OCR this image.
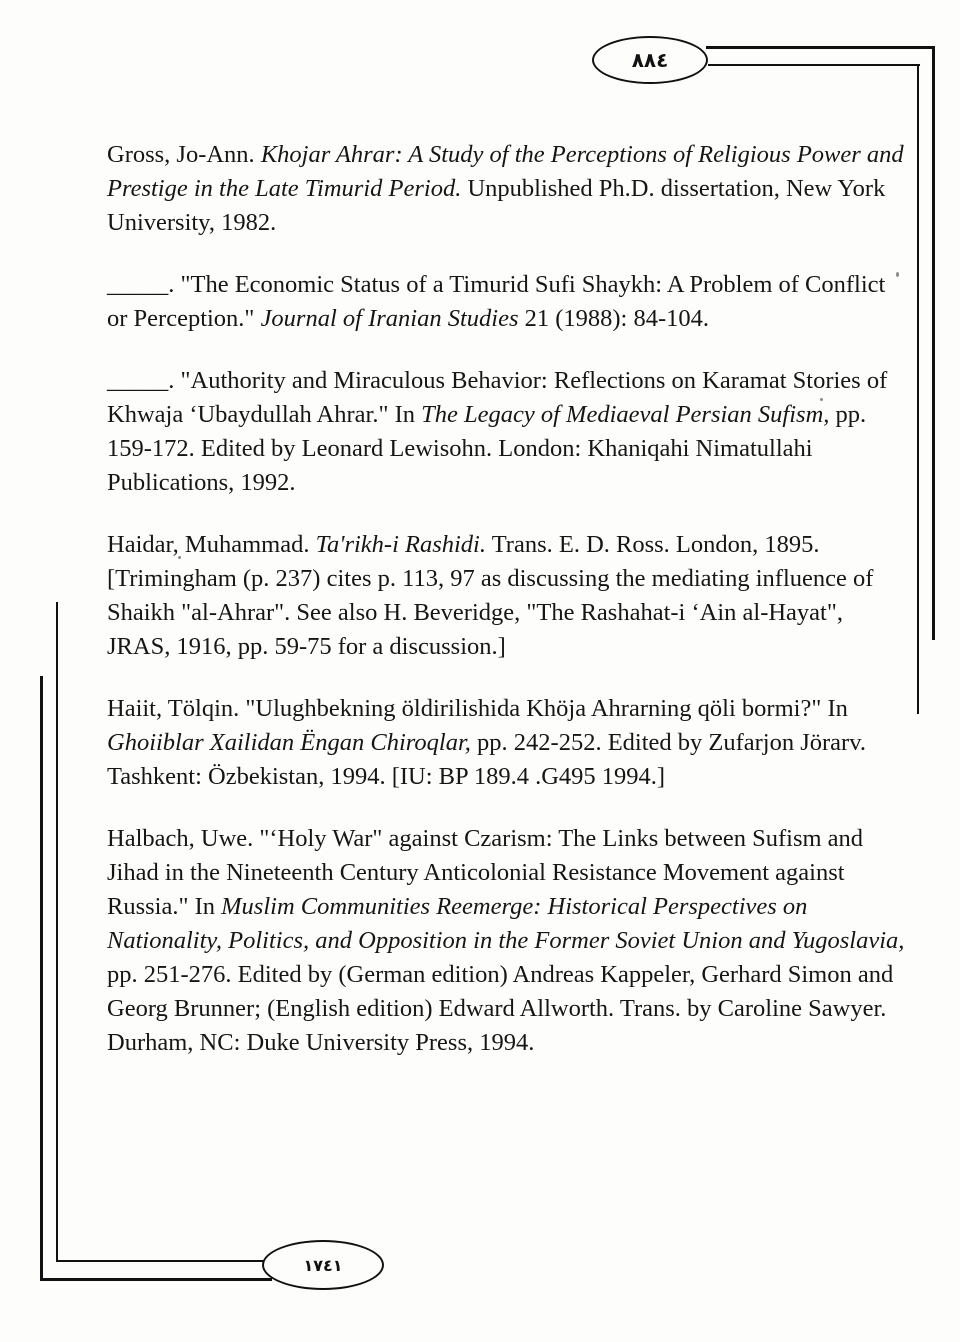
٨٨٤
١٧٤١

Gross, Jo-Ann. Khojar Ahrar: A Study of the Perceptions of Religious Power and Prestige in the Late Timurid Period. Unpublished Ph.D. dissertation, New York University, 1982.

_____. "The Economic Status of a Timurid Sufi Shaykh: A Problem of Conflict or Perception." Journal of Iranian Studies 21 (1988): 84-104.

_____. "Authority and Miraculous Behavior: Reflections on Karamat Stories of Khwaja ‘Ubaydullah Ahrar." In The Legacy of Mediaeval Persian Sufism, pp. 159-172. Edited by Leonard Lewisohn. London: Khaniqahi Nimatullahi Publications, 1992.

Haidar, Muhammad. Ta'rikh-i Rashidi. Trans. E. D. Ross. London, 1895. [Trimingham (p. 237) cites p. 113, 97 as discussing the mediating influence of Shaikh "al-Ahrar". See also H. Beveridge, "The Rashahat-i ‘Ain al-Hayat", JRAS, 1916, pp. 59-75 for a discussion.]

Haiit, Tölqin. "Ulughbekning öldirilishida Khöja Ahrarning qöli bormi?" In Ghoiiblar Xailidan Ëngan Chiroqlar, pp. 242-252. Edited by Zufarjon Jörarv. Tashkent: Özbekistan, 1994. [IU: BP 189.4 .G495 1994.]

Halbach, Uwe. "‘Holy War" against Czarism: The Links between Sufism and Jihad in the Nineteenth Century Anticolonial Resistance Movement against Russia." In Muslim Communities Reemerge: Historical Perspectives on Nationality, Politics, and Opposition in the Former Soviet Union and Yugoslavia, pp. 251-276. Edited by (German edition) Andreas Kappeler, Gerhard Simon and Georg Brunner; (English edition) Edward Allworth. Trans. by Caroline Sawyer. Durham, NC: Duke University Press, 1994.
